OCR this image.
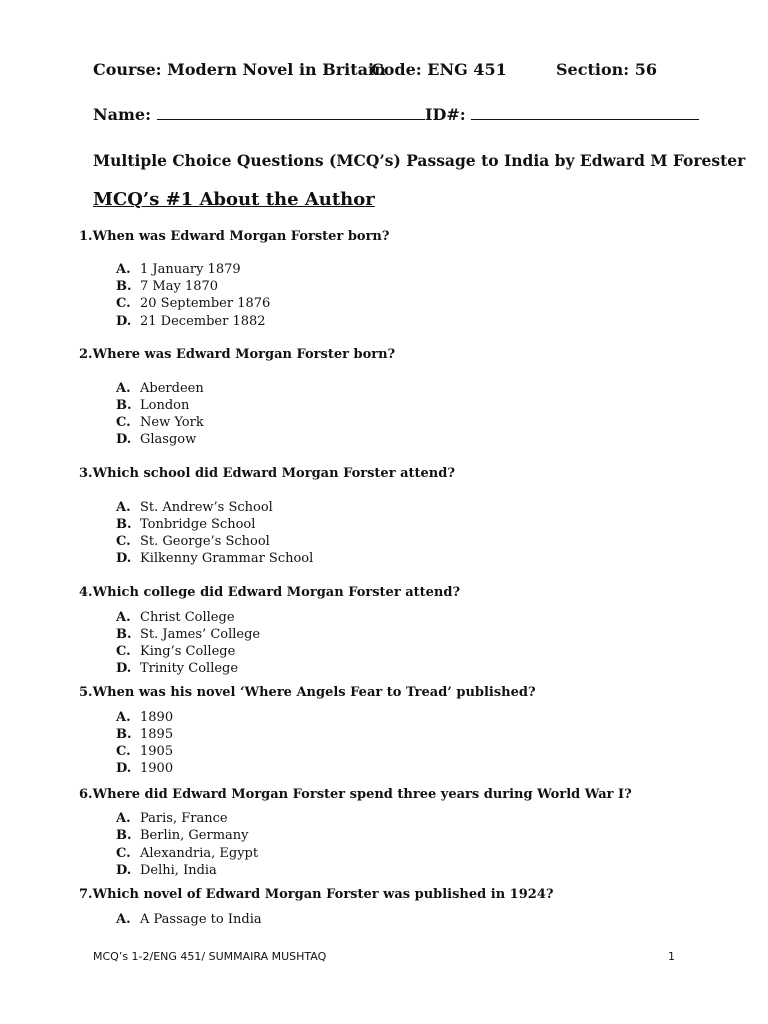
Course: Modern Novel in Britain
Code: ENG 451	Section: 56
Name:	ID#:
Multiple Choice Questions (MCQ’s) Passage to India by Edward M Forester
MCQ’s #1 About the Author
1.When was Edward Morgan Forster born?
A. 1 January 1879
B. 7 May 1870
C. 20 September 1876
D. 21 December 1882
2.Where was Edward Morgan Forster born?
A. Aberdeen
B. London
C. New York
D. Glasgow
3.Which school did Edward Morgan Forster attend?
A. St. Andrew’s School
B. Tonbridge School
C. St. George’s School
D. Kilkenny Grammar School
4.Which college did Edward Morgan Forster attend?
A. Christ College
B. St. James’ College
C. King’s College
D. Trinity College
5.When was his novel ‘Where Angels Fear to Tread’ published?
A. 1890
B. 1895
C. 1905
D. 1900
6.Where did Edward Morgan Forster spend three years during World War I?
A. Paris, France
B. Berlin, Germany
C. Alexandria, Egypt
D. Delhi, India
7.Which novel of Edward Morgan Forster was published in 1924?
A. A Passage to India
MCQ’s 1-2/ENG 451/ SUMMAIRA MUSHTAQ	1
